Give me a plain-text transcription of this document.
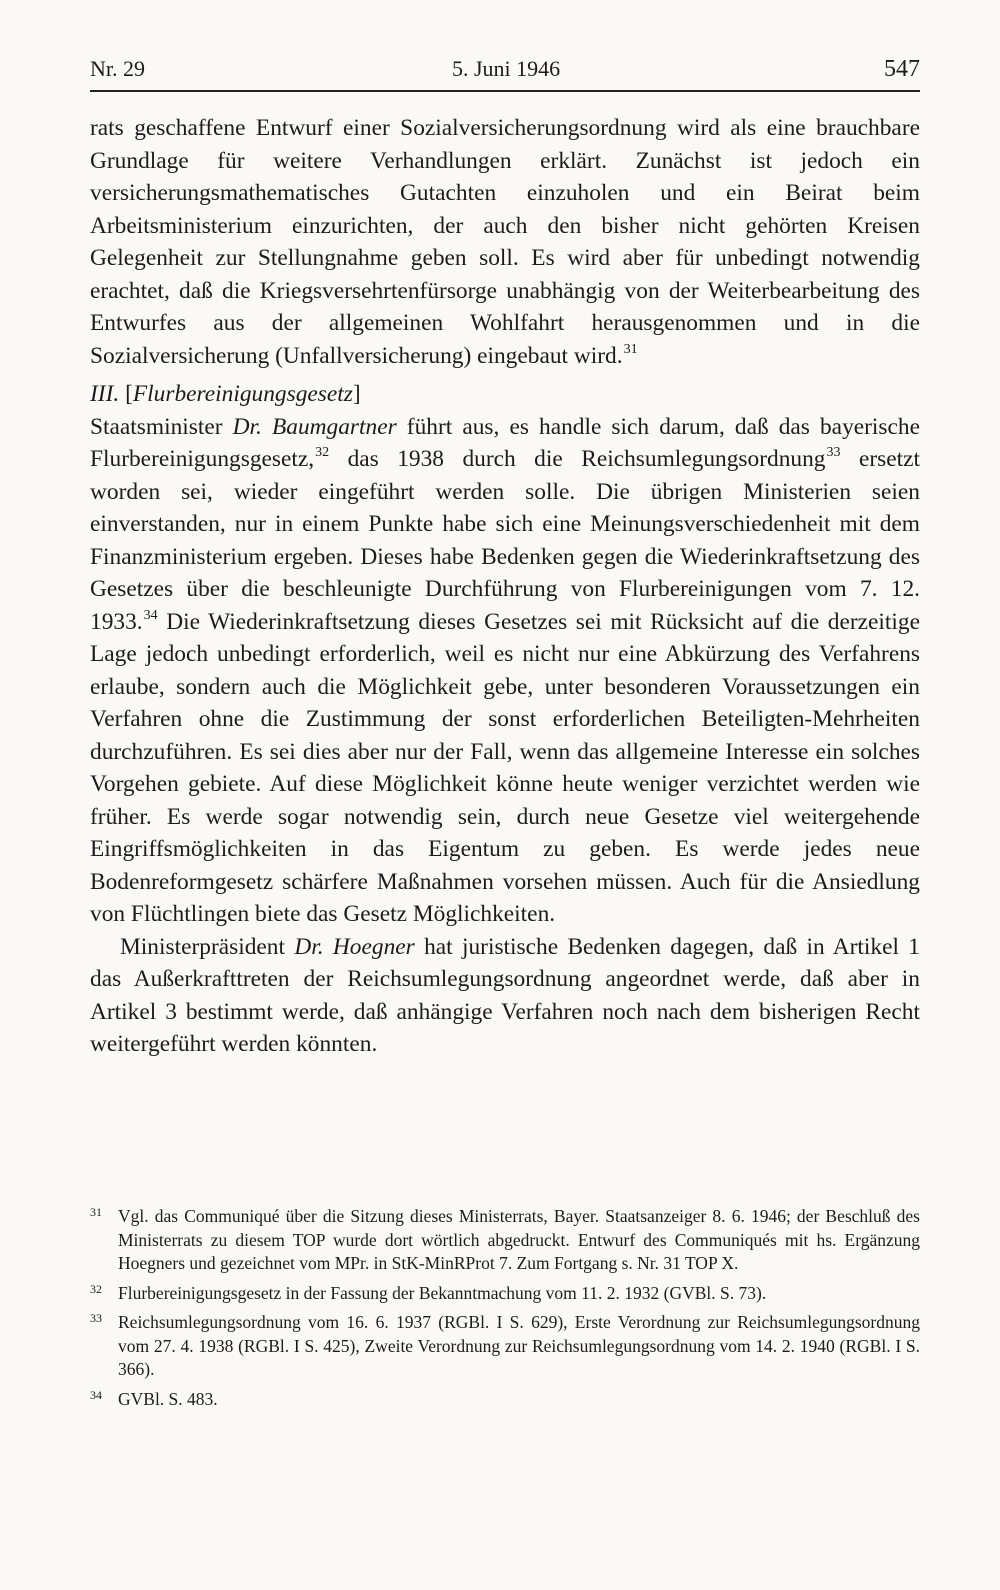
Nr. 29	5. Juni 1946	547

rats geschaffene Entwurf einer Sozialversicherungsordnung wird als eine brauchbare Grundlage für weitere Verhandlungen erklärt. Zunächst ist jedoch ein versicherungsmathematisches Gutachten einzuholen und ein Beirat beim Arbeitsministerium einzurichten, der auch den bisher nicht gehörten Kreisen Gelegenheit zur Stellungnahme geben soll. Es wird aber für unbedingt notwendig erachtet, daß die Kriegsversehrtenfürsorge unabhängig von der Weiterbearbeitung des Entwurfes aus der allgemeinen Wohlfahrt herausgenommen und in die Sozialversicherung (Unfallversicherung) eingebaut wird.$^{31}$

III. [Flurbereinigungsgesetz]

Staatsminister Dr. Baumgartner führt aus, es handle sich darum, daß das bayerische Flurbereinigungsgesetz,$^{32}$ das 1938 durch die Reichsumlegungsordnung$^{33}$ ersetzt worden sei, wieder eingeführt werden solle. Die übrigen Ministerien seien einverstanden, nur in einem Punkte habe sich eine Meinungsverschiedenheit mit dem Finanzministerium ergeben. Dieses habe Bedenken gegen die Wiederinkraftsetzung des Gesetzes über die beschleunigte Durchführung von Flurbereinigungen vom 7. 12. 1933.34 Die Wiederinkraftsetzung dieses Gesetzes sei mit Rücksicht auf die derzeitige Lage jedoch unbedingt erforderlich, weil es nicht nur eine Abkürzung des Verfahrens erlaube, sondern auch die Möglichkeit gebe, unter besonderen Voraussetzungen ein Verfahren ohne die Zustimmung der sonst erforderlichen Beteiligten-Mehrheiten durchzuführen. Es sei dies aber nur der Fall, wenn das allgemeine Interesse ein solches Vorgehen gebiete. Auf diese Möglichkeit könne heute weniger verzichtet werden wie früher. Es werde sogar notwendig sein, durch neue Gesetze viel weitergehende Eingriffsmöglichkeiten in das Eigentum zu geben. Es werde jedes neue Bodenreformgesetz schärfere Maßnahmen vorsehen müssen. Auch für die Ansiedlung von Flüchtlingen biete das Gesetz Möglichkeiten.

Ministerpräsident Dr. Hoegner hat juristische Bedenken dagegen, daß in Artikel 1 das Außerkrafttreten der Reichsumlegungsordnung angeordnet werde, daß aber in Artikel 3 bestimmt werde, daß anhängige Verfahren noch nach dem bisherigen Recht weitergeführt werden könnten.

31 Vgl. das Communiqué über die Sitzung dieses Ministerrats, Bayer. Staatsanzeiger 8. 6. 1946; der Beschluß des Ministerrats zu diesem TOP wurde dort wörtlich abgedruckt. Entwurf des Communiqués mit hs. Ergänzung Hoegners und gezeichnet vom MPr. in StK-MinRProt 7. Zum Fortgang s. Nr. 31 TOP X.
32 Flurbereinigungsgesetz in der Fassung der Bekanntmachung vom 11. 2. 1932 (GVBl. S. 73).
33 Reichsumlegungsordnung vom 16. 6. 1937 (RGBl. I S. 629), Erste Verordnung zur Reichsumlegungsordnung vom 27. 4. 1938 (RGBl. I S. 425), Zweite Verordnung zur Reichsumlegungsordnung vom 14. 2. 1940 (RGBl. I S. 366).
34 GVBl. S. 483.
